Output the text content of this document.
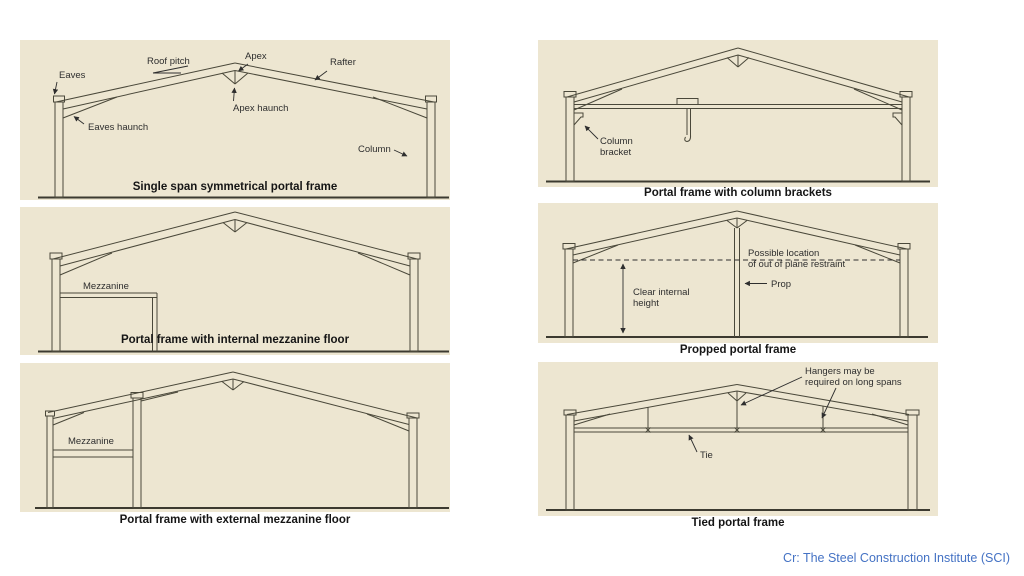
Eaves
Roof pitch	Apex
Rafter
Eaves haunch
Apex haunch
Column
Single span symmetrical portal frame
Column
bracket
Portal frame with column brackets
Mezzanine
Portal frame with internal mezzanine floor
Possible location
of out of plane restraint
Prop
Clear internal
height
Propped portal frame
Mezzanine
Portal frame with external mezzanine floor
Hangers may be
required on long spans
Tie
Tied portal frame
Cr: The Steel Construction Institute (SCI)
